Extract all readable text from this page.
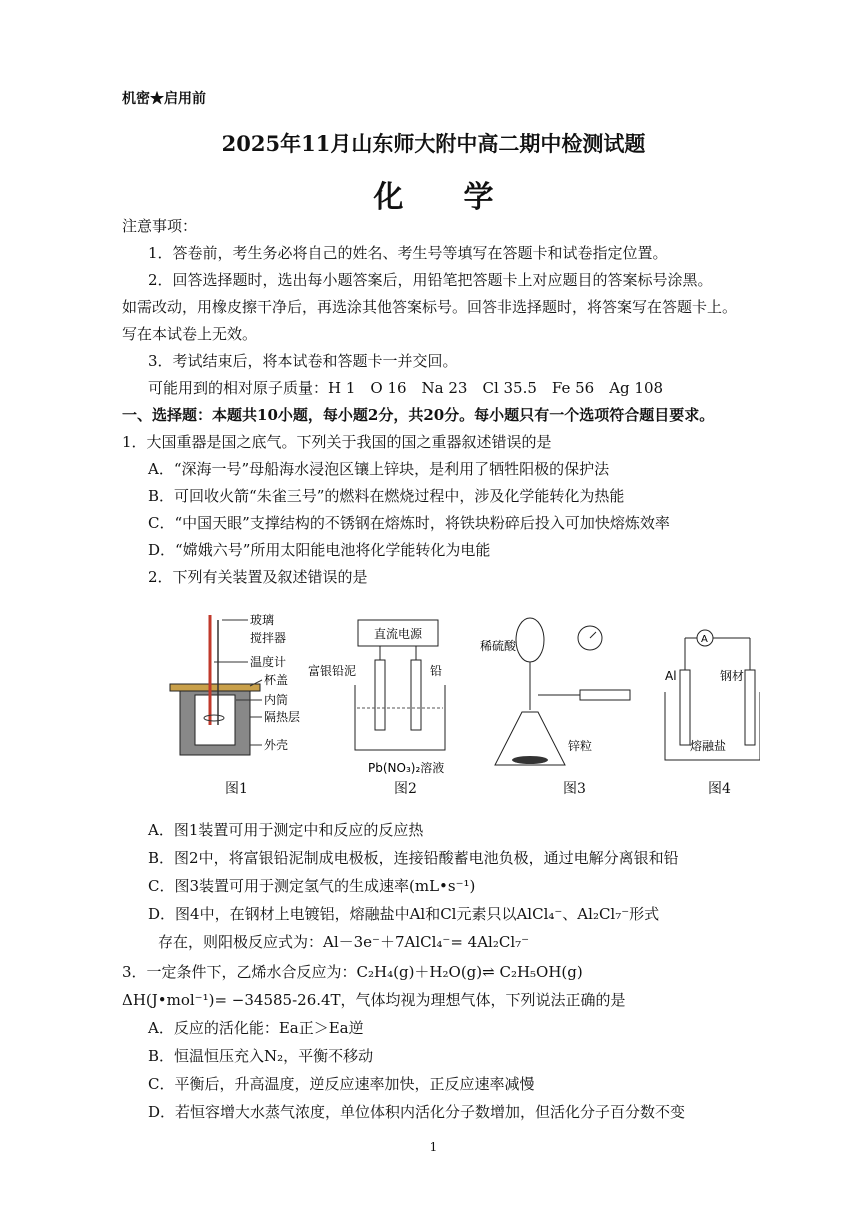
机密★启用前
2025年11月山东师大附中高二期中检测试题
化学
注意事项：
1．答卷前，考生务必将自己的姓名、考生号等填写在答题卡和试卷指定位置。
2．回答选择题时，选出每小题答案后，用铅笔把答题卡上对应题目的答案标号涂黑。
如需改动，用橡皮擦干净后，再选涂其他答案标号。回答非选择题时，将答案写在答题卡上。
写在本试卷上无效。
3．考试结束后，将本试卷和答题卡一并交回。
可能用到的相对原子质量：H 1　O 16　Na 23　Cl 35.5　Fe 56　Ag 108
一、选择题：本题共10小题，每小题2分，共20分。每小题只有一个选项符合题目要求。
1．大国重器是国之底气。下列关于我国的国之重器叙述错误的是
A．“深海一号”母船海水浸泡区镶上锌块，是利用了牺牲阳极的保护法
B．可回收火箭“朱雀三号”的燃料在燃烧过程中，涉及化学能转化为热能
C．“中国天眼”支撑结构的不锈钢在熔炼时，将铁块粉碎后投入可加快熔炼效率
D．“嫦娥六号”所用太阳能电池将化学能转化为电能
2．下列有关装置及叙述错误的是
玻璃
搅拌器
温度计
杯盖
内筒
隔热层
外壳
直流电源
富银铅泥	铅
Pb(NO₃)₂溶液
稀硫酸
锌粒
A
Al	钢材
熔融盐
图1	图2	图3	图4
A．图1装置可用于测定中和反应的反应热
B．图2中，将富银铅泥制成电极板，连接铅酸蓄电池负极，通过电解分离银和铅
C．图3装置可用于测定氢气的生成速率(mL•s⁻¹)
D．图4中，在钢材上电镀铝，熔融盐中Al和Cl元素只以AlCl₄⁻、Al₂Cl₇⁻形式
存在，则阳极反应式为：Al－3e⁻＋7AlCl₄⁻= 4Al₂Cl₇⁻
3．一定条件下，乙烯水合反应为：C₂H₄(g)＋H₂O(g)⇌ C₂H₅OH(g)
ΔH(J•mol⁻¹)= −34585-26.4T，气体均视为理想气体，下列说法正确的是
A．反应的活化能：Ea正＞Ea逆
B．恒温恒压充入N₂，平衡不移动
C．平衡后，升高温度，逆反应速率加快，正反应速率减慢
D．若恒容增大水蒸气浓度，单位体积内活化分子数增加，但活化分子百分数不变
1
